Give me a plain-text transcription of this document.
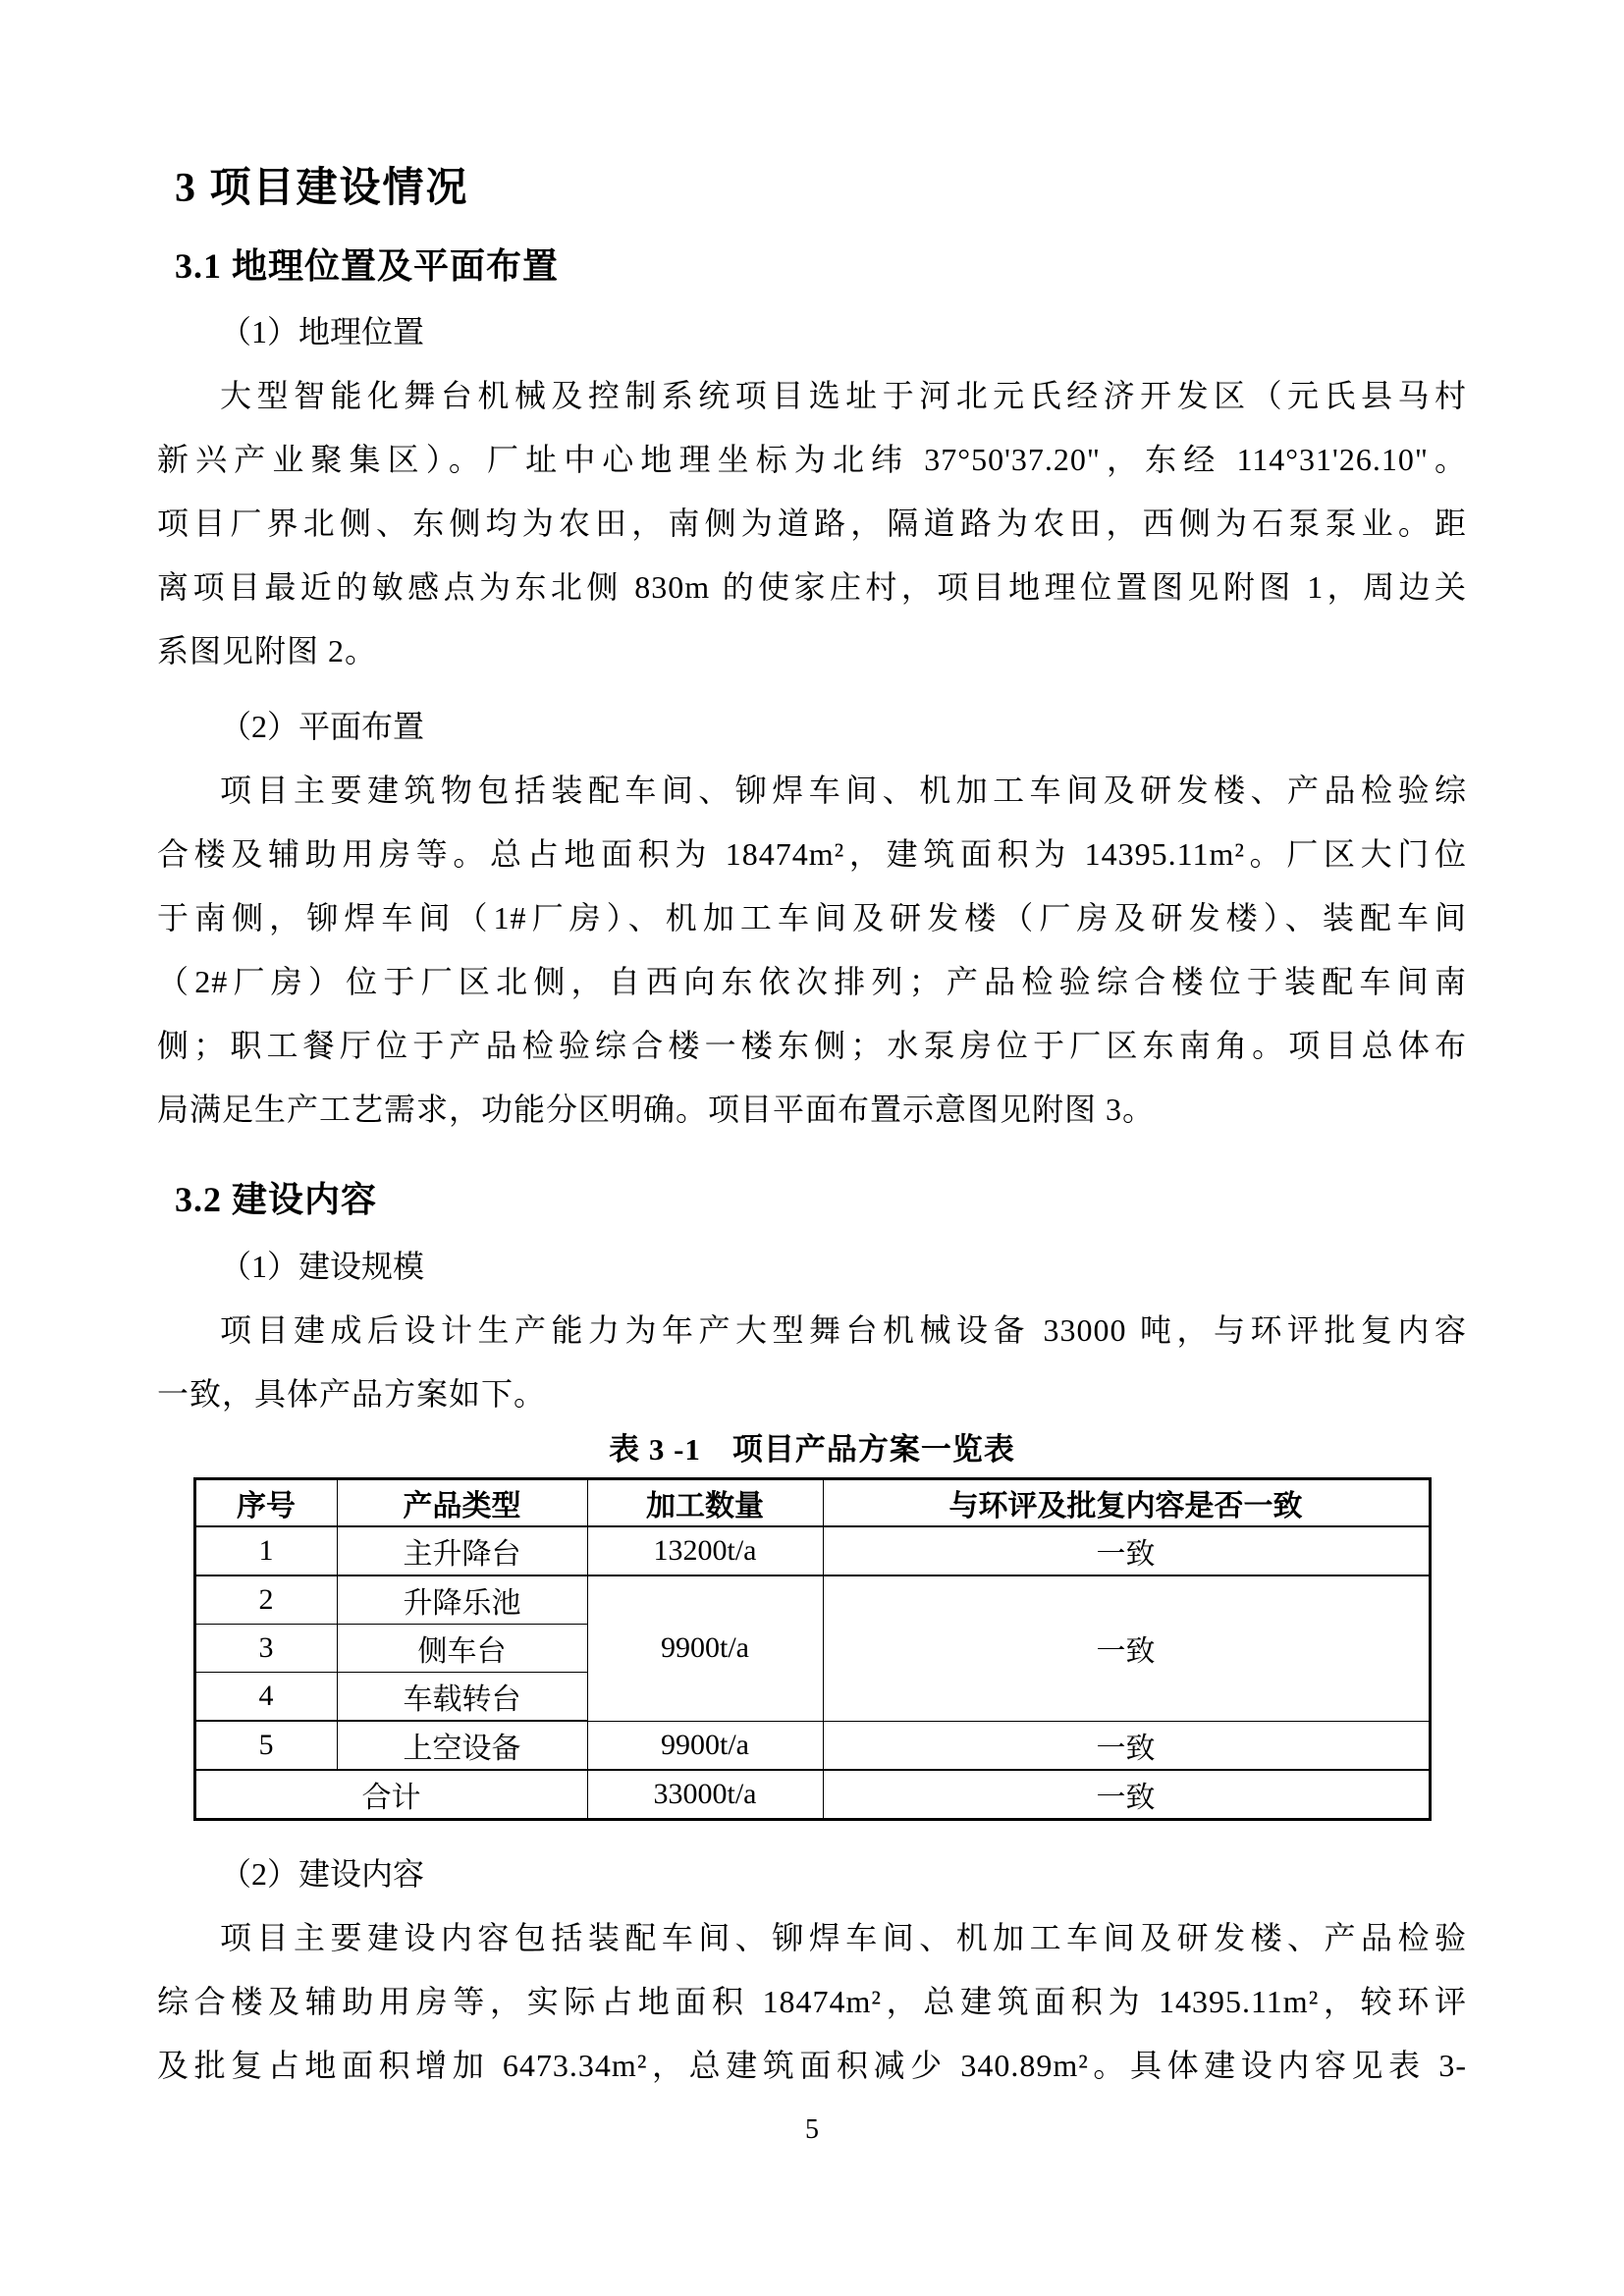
3 项目建设情况
3.1 地理位置及平面布置
（1）地理位置
大型智能化舞台机械及控制系统项目选址于河北元氏经济开发区（元氏县马村
新兴产业聚集区）。厂址中心地理坐标为北纬 37°50'37.20"，东经 114°31'26.10"。
项目厂界北侧、东侧均为农田，南侧为道路，隔道路为农田，西侧为石泵泵业。距
离项目最近的敏感点为东北侧 830m 的使家庄村，项目地理位置图见附图 1，周边关
系图见附图 2。
（2）平面布置
项目主要建筑物包括装配车间、铆焊车间、机加工车间及研发楼、产品检验综
合楼及辅助用房等。总占地面积为 18474m²，建筑面积为 14395.11m²。厂区大门位
于南侧，铆焊车间（1#厂房）、机加工车间及研发楼（厂房及研发楼）、装配车间
（2#厂房）位于厂区北侧，自西向东依次排列；产品检验综合楼位于装配车间南
侧；职工餐厅位于产品检验综合楼一楼东侧；水泵房位于厂区东南角。项目总体布
局满足生产工艺需求，功能分区明确。项目平面布置示意图见附图 3。
3.2 建设内容
（1）建设规模
项目建成后设计生产能力为年产大型舞台机械设备 33000 吨，与环评批复内容
一致，具体产品方案如下。
表 3 -1　项目产品方案一览表
序号	产品类型	加工数量	与环评及批复内容是否一致
1	主升降台	13200t/a	一致
2	升降乐池	9900t/a	一致
3	侧车台		
4	车载转台		
5	上空设备	9900t/a	一致
合计		33000t/a	一致
（2）建设内容
项目主要建设内容包括装配车间、铆焊车间、机加工车间及研发楼、产品检验
综合楼及辅助用房等，实际占地面积 18474m²，总建筑面积为 14395.11m²，较环评
及批复占地面积增加 6473.34m²，总建筑面积减少 340.89m²。具体建设内容见表 3-
5
